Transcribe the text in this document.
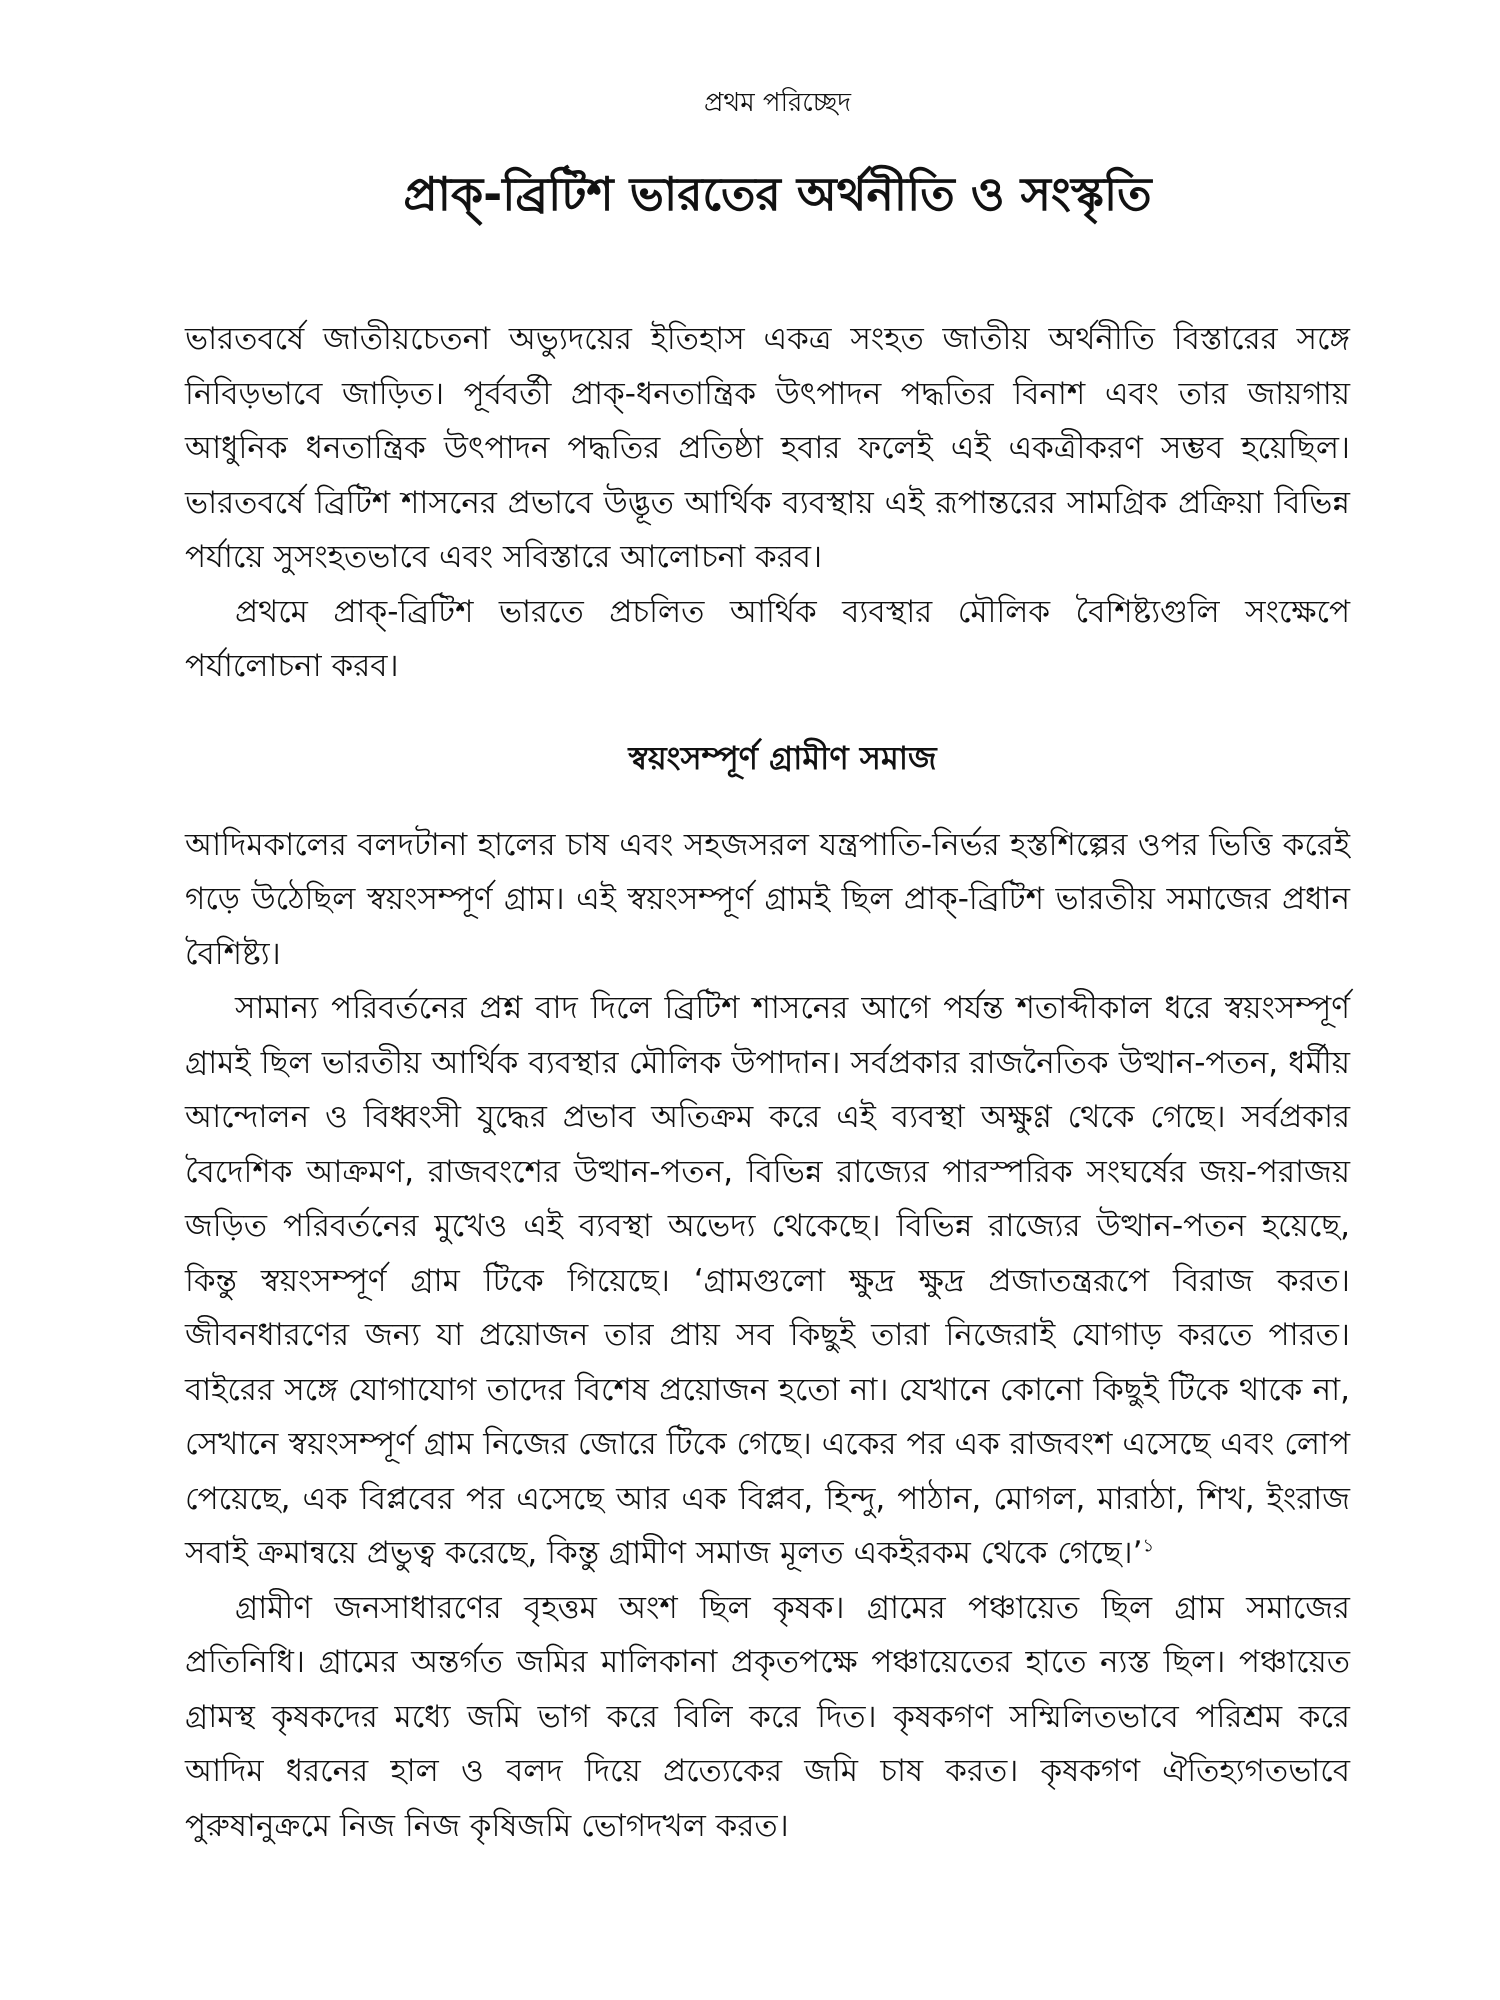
প্রথম পরিচ্ছেদ
প্রাক্‌-ব্রিটিশ ভারতের অর্থনীতি ও সংস্কৃতি

ভারতবর্ষে জাতীয়চেতনা অভ্যুদয়ের ইতিহাস একত্র সংহত জাতীয় অর্থনীতি বিস্তারের সঙ্গে নিবিড়ভাবে জাড়িত। পূর্ববর্তী প্রাক্‌-ধনতান্ত্রিক উৎপাদন পদ্ধতির বিনাশ এবং তার জায়গায় আধুনিক ধনতান্ত্রিক উৎপাদন পদ্ধতির প্রতিষ্ঠা হবার ফলেই এই একত্রীকরণ সম্ভব হয়েছিল। ভারতবর্ষে ব্রিটিশ শাসনের প্রভাবে উদ্ভূত আর্থিক ব্যবস্থায় এই রূপান্তরের সামগ্রিক প্রক্রিয়া বিভিন্ন পর্যায়ে সুসংহতভাবে এবং সবিস্তারে আলোচনা করব।

প্রথমে প্রাক্‌-ব্রিটিশ ভারতে প্রচলিত আর্থিক ব্যবস্থার মৌলিক বৈশিষ্ট্যগুলি সংক্ষেপে পর্যালোচনা করব।

স্বয়ংসম্পূর্ণ গ্রামীণ সমাজ

আদিমকালের বলদটানা হালের চাষ এবং সহজসরল যন্ত্রপাতি-নির্ভর হস্তশিল্পের ওপর ভিত্তি করেই গড়ে উঠেছিল স্বয়ংসম্পূর্ণ গ্রাম। এই স্বয়ংসম্পূর্ণ গ্রামই ছিল প্রাক্‌-ব্রিটিশ ভারতীয় সমাজের প্রধান বৈশিষ্ট্য।

সামান্য পরিবর্তনের প্রশ্ন বাদ দিলে ব্রিটিশ শাসনের আগে পর্যন্ত শতাব্দীকাল ধরে স্বয়ংসম্পূর্ণ গ্রামই ছিল ভারতীয় আর্থিক ব্যবস্থার মৌলিক উপাদান। সর্বপ্রকার রাজনৈতিক উত্থান-পতন, ধর্মীয় আন্দোলন ও বিধ্বংসী যুদ্ধের প্রভাব অতিক্রম করে এই ব্যবস্থা অক্ষুণ্ণ থেকে গেছে। সর্বপ্রকার বৈদেশিক আক্রমণ, রাজবংশের উত্থান-পতন, বিভিন্ন রাজ্যের পারস্পরিক সংঘর্ষের জয়-পরাজয় জড়িত পরিবর্তনের মুখেও এই ব্যবস্থা অভেদ্য থেকেছে। বিভিন্ন রাজ্যের উত্থান-পতন হয়েছে, কিন্তু স্বয়ংসম্পূর্ণ গ্রাম টিকে গিয়েছে। ‘গ্রামগুলো ক্ষুদ্র ক্ষুদ্র প্রজাতন্ত্ররূপে বিরাজ করত। জীবনধারণের জন্য যা প্রয়োজন তার প্রায় সব কিছুই তারা নিজেরাই যোগাড় করতে পারত। বাইরের সঙ্গে যোগাযোগ তাদের বিশেষ প্রয়োজন হতো না। যেখানে কোনো কিছুই টিকে থাকে না, সেখানে স্বয়ংসম্পূর্ণ গ্রাম নিজের জোরে টিকে গেছে। একের পর এক রাজবংশ এসেছে এবং লোপ পেয়েছে, এক বিপ্লবের পর এসেছে আর এক বিপ্লব, হিন্দু, পাঠান, মোগল, মারাঠা, শিখ, ইংরাজ সবাই ক্রমান্বয়ে প্রভুত্ব করেছে, কিন্তু গ্রামীণ সমাজ মূলত একইরকম থেকে গেছে।’$^১$

গ্রামীণ জনসাধারণের বৃহত্তম অংশ ছিল কৃষক। গ্রামের পঞ্চায়েত ছিল গ্রাম সমাজের প্রতিনিধি। গ্রামের অন্তর্গত জমির মালিকানা প্রকৃতপক্ষে পঞ্চায়েতের হাতে ন্যস্ত ছিল। পঞ্চায়েত গ্রামস্থ কৃষকদের মধ্যে জমি ভাগ করে বিলি করে দিত। কৃষকগণ সম্মিলিতভাবে পরিশ্রম করে আদিম ধরনের হাল ও বলদ দিয়ে প্রত্যেকের জমি চাষ করত। কৃষকগণ ঐতিহ্যগতভাবে পুরুষানুক্রমে নিজ নিজ কৃষিজমি ভোগদখল করত।
